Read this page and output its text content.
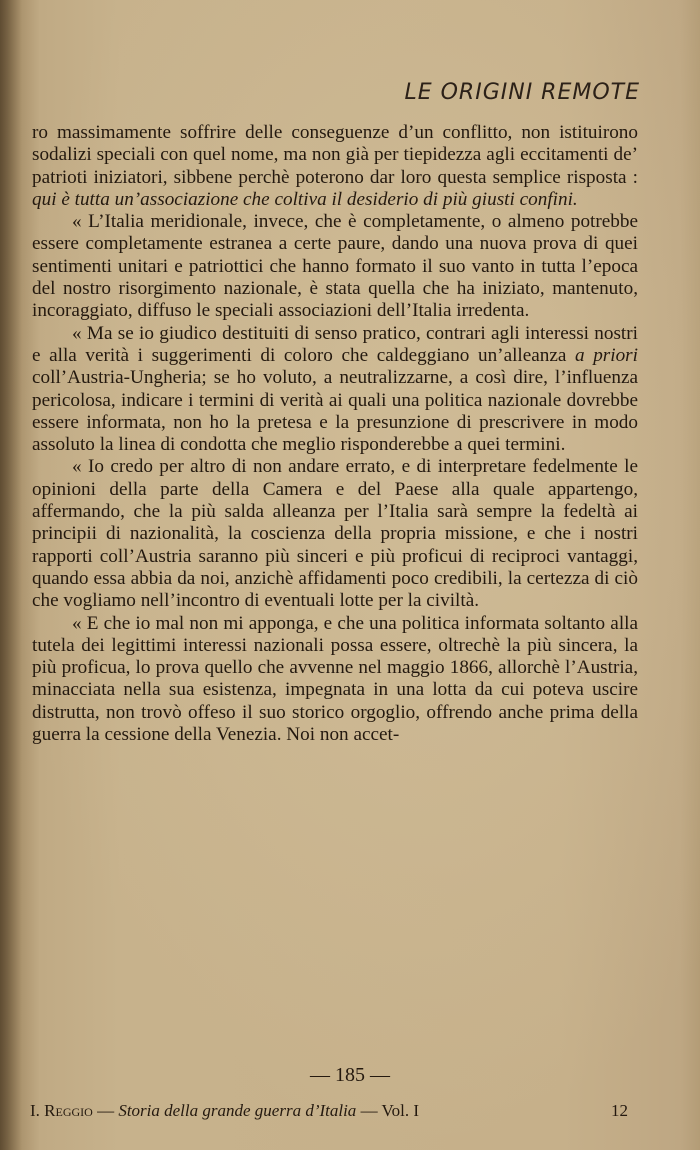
LE ORIGINI REMOTE

ro massimamente soffrire delle conseguenze d’un conflitto, non istituirono sodalizi speciali con quel nome, ma non già per tiepidezza agli eccitamenti de’ patrioti iniziatori, sibbene perchè poterono dar loro questa semplice risposta : qui è tutta un’associazione che coltiva il desiderio di più giusti confini.

« L’Italia meridionale, invece, che è completamente, o almeno potrebbe essere completamente estranea a certe paure, dando una nuova prova di quei sentimenti unitari e patriottici che hanno formato il suo vanto in tutta l’epoca del nostro risorgimento nazionale, è stata quella che ha iniziato, mantenuto, incoraggiato, diffuso le speciali associazioni dell’Italia irredenta.

« Ma se io giudico destituiti di senso pratico, contrari agli interessi nostri e alla verità i suggerimenti di coloro che caldeggiano un’alleanza a priori coll’Austria-Ungheria; se ho voluto, a neutralizzarne, a così dire, l’influenza pericolosa, indicare i termini di verità ai quali una politica nazionale dovrebbe essere informata, non ho la pretesa e la presunzione di prescrivere in modo assoluto la linea di condotta che meglio risponderebbe a quei termini.

« Io credo per altro di non andare errato, e di interpretare fedelmente le opinioni della parte della Camera e del Paese alla quale appartengo, affermando, che la più salda alleanza per l’Italia sarà sempre la fedeltà ai principii di nazionalità, la coscienza della propria missione, e che i nostri rapporti coll’Austria saranno più sinceri e più proficui di reciproci vantaggi, quando essa abbia da noi, anzichè affidamenti poco credibili, la certezza di ciò che vogliamo nell’incontro di eventuali lotte per la civiltà.

« E che io mal non mi apponga, e che una politica informata soltanto alla tutela dei legittimi interessi nazionali possa essere, oltrechè la più sincera, la più proficua, lo prova quello che avvenne nel maggio 1866, allorchè l’Austria, minacciata nella sua esistenza, impegnata in una lotta da cui poteva uscire distrutta, non trovò offeso il suo storico orgoglio, offrendo anche prima della guerra la cessione della Venezia. Noi non accet-

— 185 —
I. Reggio — Storia della grande guerra d’Italia — Vol. I	12
